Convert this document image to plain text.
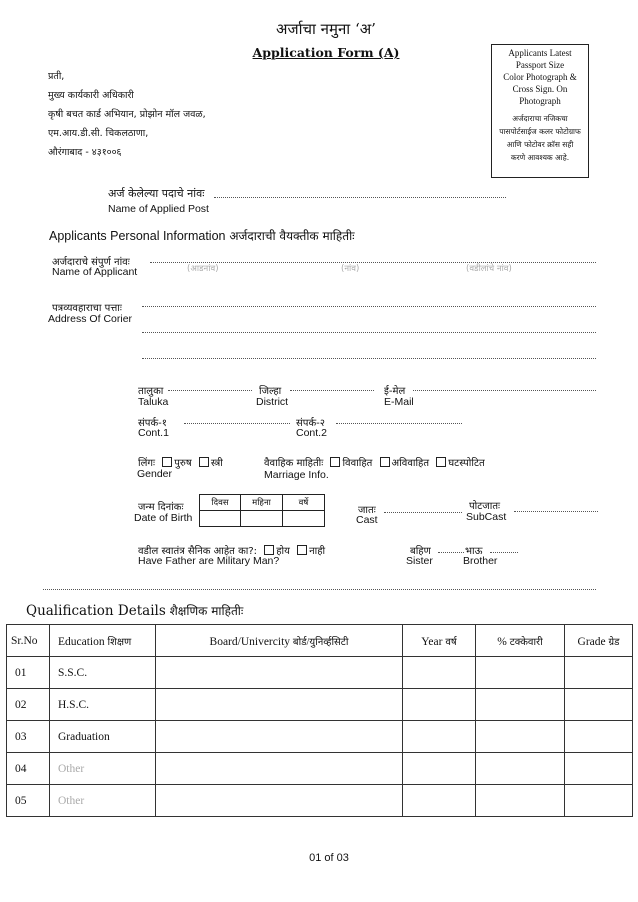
अर्जाचा नमुना ‘अ’
Application Form (A)
प्रती,
मुख्य कार्यकारी अधिकारी
कृषी बचत कार्ड अभियान, प्रोझोन मॉल जवळ,
एम.आय.डी.सी. चिकलठाणा,
औरंगाबाद - ४३१००६
Applicants Latest
Passport Size
Color Photograph &
Cross Sign. On
Photograph
अर्जदाराचा नजिकचा
पासपोर्टसाईज कलर फोटोग्राफ
आणि फोटोवर क्रॉस सही
करणे आवश्यक आहे.
अर्ज केलेल्या पदाचे नांवः
Name of Applied Post
Applicants Personal Information अर्जदाराची वैयक्तीक माहितीः
अर्जदाराचे संपुर्ण नांवः
Name of Applicant	(आडनांव)	(नांव)	(वडीलांचे नांव)
पत्रव्यवहाराचा पत्ताः
Address Of Corier
तालुका
Taluka
जिल्हा
District
ई-मेल
E-Mail
संपर्क-१
Cont.1
संपर्क-२
Cont.2
लिंगः पुरुष स्त्री
Gender
वैवाहिक माहितीः विवाहित अविवाहित घटस्पोटित
Marriage Info.
जन्म दिनांकः
Date of Birth
दिवस	महिना	वर्षे

जातः
Cast
पोटजातः
SubCast
वडील स्वातंत्र सैनिक आहेत का?: होय नाही
Have Father are Military Man?
बहिण	भाऊ
Sister	Brother
Qualification Details शैक्षणिक माहितीः
Sr.No	Education शिक्षण	Board/Univercity बोर्ड/युनिर्व्हसिटी	Year वर्ष	% टक्केवारी	Grade ग्रेड
01	S.S.C.				
02	H.S.C.				
03	Graduation				
04	Other				
05	Other				
01 of 03
